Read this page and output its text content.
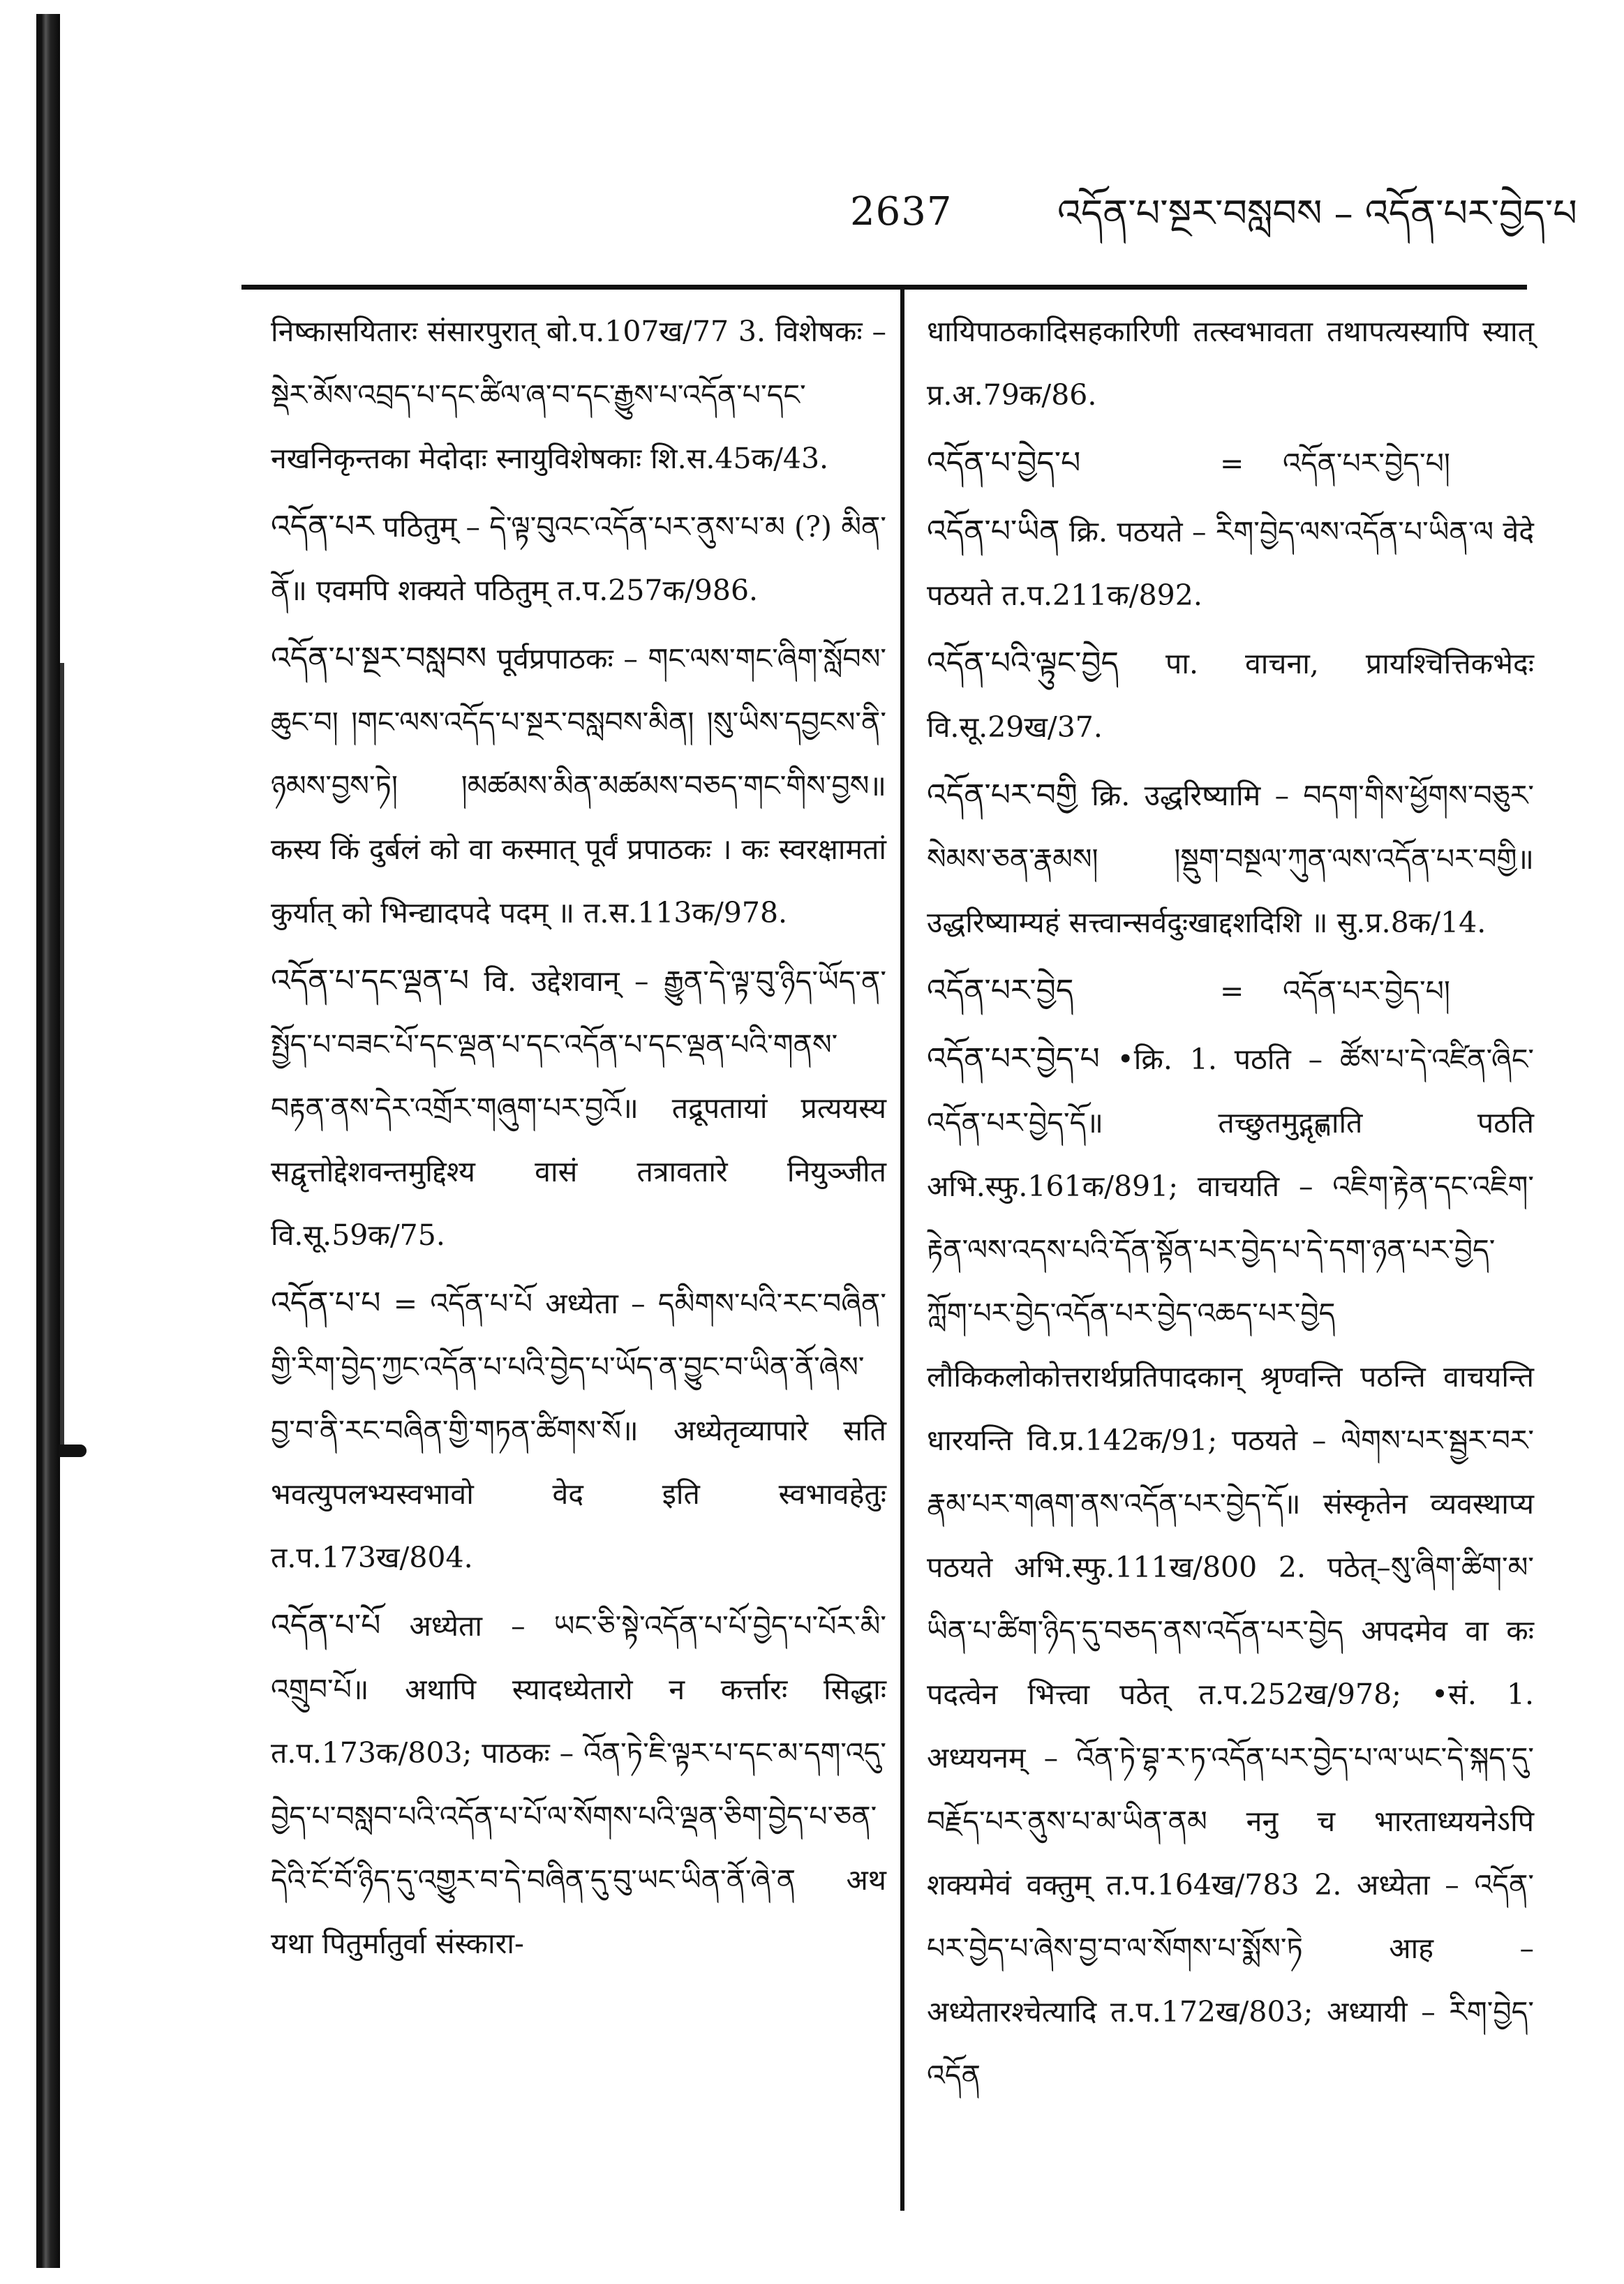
2637	འདོན་པ་སྔར་བསླབས – འདོན་པར་བྱེད་པ

निष्कासयितारः संसारपुरात् बो.प.107ख/77 3. विशेषकः – སྡེར་མོས་འབྲད་པ་དང་ཚིལ་ཞ་བ་དང་རྒྱུས་པ་འདོན་པ་དང་ नखनिकृन्तका मेदोदाः स्नायुविशेषकाः शि.स.45क/43.

འདོན་པར पठितुम् – དེ་ལྟ་བུའང་འདོན་པར་ནུས་པ་མ (?) མིན་ནོ॥ एवमपि शक्यते पठितुम् त.प.257क/986.

འདོན་པ་སྔར་བསླབས पूर्वप्रपाठकः – གང་ལས་གང་ཞིག་སློབས་ཆུང་བ། །གང་ལས་འདོད་པ་སྔར་བསླབས་མིན། །སུ་ཡིས་དབྱངས་ནི་ཉམས་བྱས་ཏེ། །མཚམས་མིན་མཚམས་བཅད་གང་གིས་བྱས॥ कस्य किं दुर्बलं को वा कस्मात् पूर्वं प्रपाठकः । कः स्वरक्षामतां कुर्यात् को भिन्द्यादपदे पदम् ॥ त.स.113क/978.

འདོན་པ་དང་ལྡན་པ वि. उद्देशवान् – རྒྱུན་དེ་ལྟ་བུ་ཉིད་ཡོད་ན་སྤྱོད་པ་བཟང་པོ་དང་ལྡན་པ་དང་འདོན་པ་དང་ལྡན་པའི་གནས་བརྟན་ནས་དེར་འགྲོར་གཞུག་པར་བྱའོ॥ तद्रूपतायां प्रत्ययस्य सद्वृत्तोद्देशवन्तमुद्दिश्य वासं तत्रावतारे नियुञ्जीत वि.सू.59क/75.

འདོན་པ་པ = འདོན་པ་པོ अध्येता – དམིགས་པའི་རང་བཞིན་གྱི་རིག་བྱེད་ཀྱང་འདོན་པ་པའི་བྱེད་པ་ཡོད་ན་བྱུང་བ་ཡིན་ནོ་ཞེས་བྱ་བ་ནི་རང་བཞིན་གྱི་གཏན་ཚིགས་སོ॥ अध्येतृव्यापारे सति भवत्युपलभ्यस्वभावो वेद इति स्वभावहेतुः त.प.173ख/804.

འདོན་པ་པོ अध्येता – ཡང་ཅི་སྟེ་འདོན་པ་པོ་བྱེད་པ་པོར་མི་འགྲུབ་པོ॥ अथापि स्यादध्येतारो न कर्त्तारः सिद्धाः त.प.173क/803; पाठकः – འོན་ཏེ་ཇི་ལྟར་པ་དང་མ་དག་འདུ་བྱེད་པ་བསླབ་པའི་འདོན་པ་པོ་ལ་སོགས་པའི་ལྡན་ཅིག་བྱེད་པ་ཅན་དེའི་ངོ་བོ་ཉིད་དུ་འགྱུར་བ་དེ་བཞིན་དུ་བུ་ཡང་ཡིན་ནོ་ཞེ་ན अथ यथा पितुर्मातुर्वा संस्कारा-

धायिपाठकादिसहकारिणी तत्स्वभावता तथापत्यस्यापि स्यात् प्र.अ.79क/86.

འདོན་པ་བྱེད་པ	= འདོན་པར་བྱེད་པ།

འདོན་པ་ཡིན क्रि. पठयते – རིག་བྱེད་ལས་འདོན་པ་ཡིན་ལ वेदे पठयते त.प.211क/892.

འདོན་པའི་ལྟུང་བྱེད पा. वाचना, प्रायश्चित्तिकभेदः वि.सू.29ख/37.

འདོན་པར་བགྱི क्रि. उद्धरिष्यामि – བདག་གིས་ཕྱོགས་བཅུར་སེམས་ཅན་རྣམས། །སྡུག་བསྔལ་ཀུན་ལས་འདོན་པར་བགྱི॥ उद्धरिष्याम्यहं सत्त्वान्सर्वदुःखाद्दशदिशि ॥ सु.प्र.8क/14.

འདོན་པར་བྱེད	= འདོན་པར་བྱེད་པ།

འདོན་པར་བྱེད་པ •क्रि. 1. पठति – ཚོས་པ་དེ་འཛིན་ཞིང་འདོན་པར་བྱེད་དོ॥ तच्छुतमुद्गृह्णाति पठति अभि.स्फु.161क/891; वाचयति – འཇིག་རྟེན་དང་འཇིག་རྟེན་ལས་འདས་པའི་དོན་སྟོན་པར་བྱེད་པ་དེ་དག་ཉན་པར་བྱེད་ཀློག་པར་བྱེད་འདོན་པར་བྱེད་འཆད་པར་བྱེད लौकिकलोकोत्तरार्थप्रतिपादकान् श्रृण्वन्ति पठन्ति वाचयन्ति धारयन्ति वि.प्र.142क/91; पठयते – ལེགས་པར་སྦྱར་བར་རྣམ་པར་གཞག་ནས་འདོན་པར་བྱེད་དོ॥ संस्कृतेन व्यवस्थाप्य पठयते अभि.स्फु.111ख/800 2. पठेत्–སུ་ཞིག་ཚིག་མ་ཡིན་པ་ཚིག་ཉིད་དུ་བཅད་ནས་འདོན་པར་བྱེད अपदमेव वा कः पदत्वेन भित्त्वा पठेत् त.प.252ख/978; •सं. 1. अध्ययनम् – འོན་ཏེ་བྷ་ར་ཏ་འདོན་པར་བྱེད་པ་ལ་ཡང་དེ་སྐད་དུ་བརྗོད་པར་ནུས་པ་མ་ཡིན་ནམ ननु च भारताध्ययनेऽपि शक्यमेवं वक्तुम् त.प.164ख/783 2. अध्येता – འདོན་པར་བྱེད་པ་ཞེས་བྱ་བ་ལ་སོགས་པ་སྨོས་ཏེ आह – अध्येतारश्चेत्यादि त.प.172ख/803; अध्यायी – རིག་བྱེད་འདོན
